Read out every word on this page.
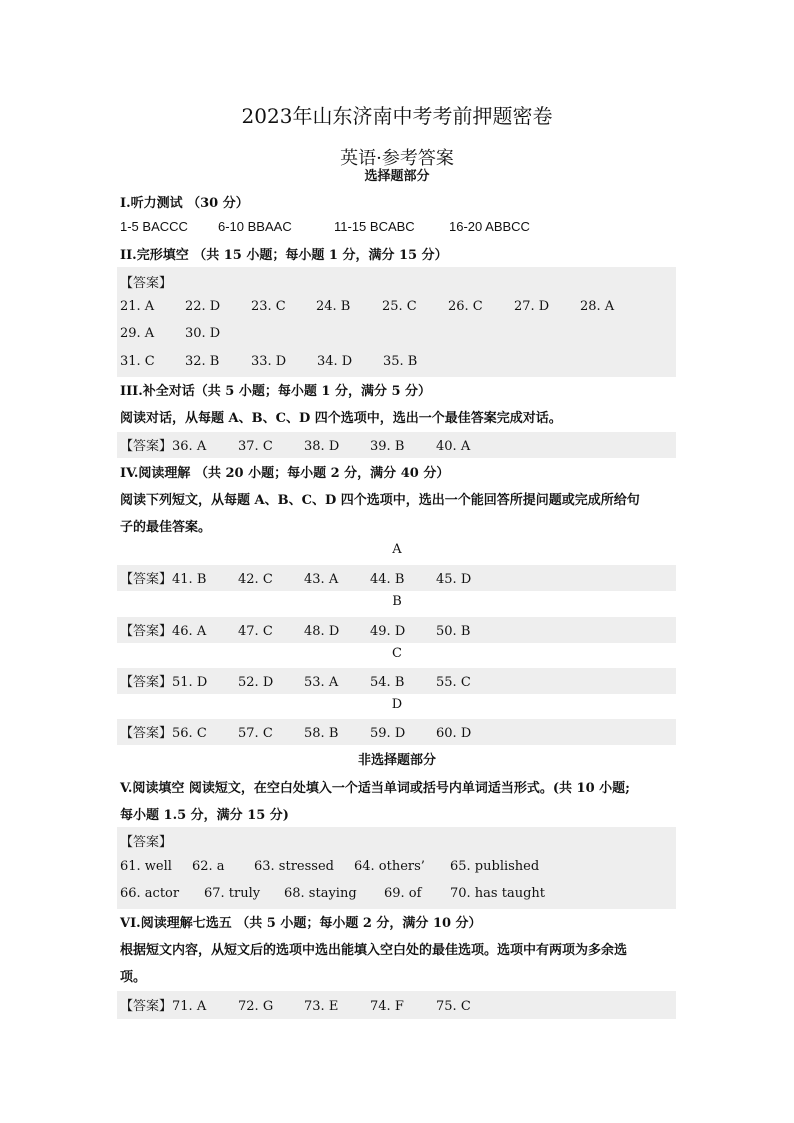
2023年山东济南中考考前押题密卷
英语·参考答案
选择题部分
I.听力测试 （30 分）
1-5 BACCC 6-10 BBAAC	11-15 BCABC	16-20 ABBCC
II.完形填空 （共 15 小题；每小题 1 分，满分 15 分）
【答案】
21. A 22. D 23. C 24. B 25. C 26. C 27. D 28. A
29. A 30. D
31. C 32. B 33. D 34. D 35. B
III.补全对话（共 5 小题；每小题 1 分，满分 5 分）
阅读对话，从每题 A、B、C、D 四个选项中，选出一个最佳答案完成对话。
【答案】36. A 37. C 38. D 39. B 40. A
IV.阅读理解 （共 20 小题；每小题 2 分，满分 40 分）
阅读下列短文，从每题 A、B、C、D 四个选项中，选出一个能回答所提问题或完成所给句
子的最佳答案。
A
【答案】41. B 42. C 43. A 44. B 45. D
B
【答案】46. A 47. C 48. D 49. D 50. B
C
【答案】51. D 52. D 53. A 54. B 55. C
D
【答案】56. C 57. C 58. B 59. D 60. D
非选择题部分
V.阅读填空 阅读短文，在空白处填入一个适当单词或括号内单词适当形式。(共 10 小题;
每小题 1.5 分，满分 15 分)
【答案】
61. well 62. a 63. stressed 64. others’ 65. published
66. actor 67. truly 68. staying 69. of 70. has taught
VI.阅读理解七选五 （共 5 小题；每小题 2 分，满分 10 分）
根据短文内容，从短文后的选项中选出能填入空白处的最佳选项。选项中有两项为多余选
项。
【答案】71. A 72. G 73. E 74. F 75. C
